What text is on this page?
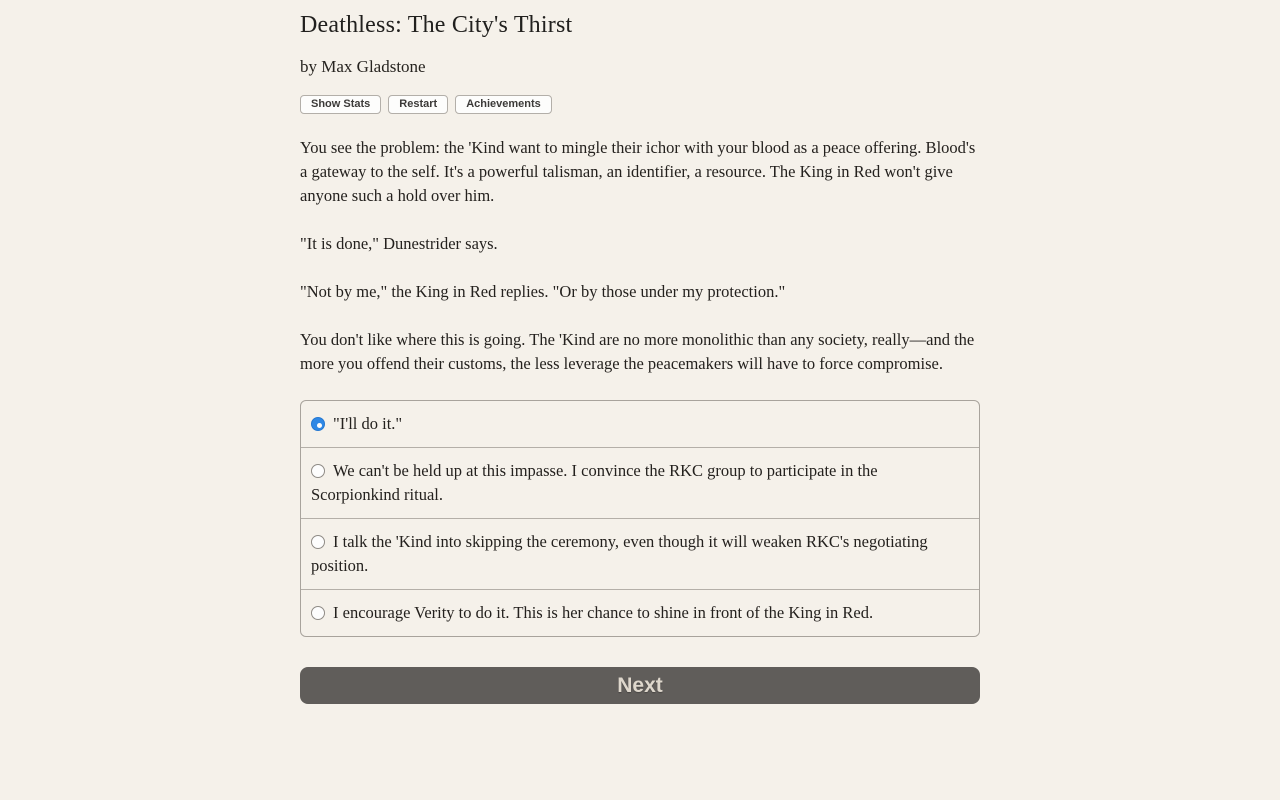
Deathless: The City's Thirst

by Max Gladstone

Show Stats	Restart	Achievements

You see the problem: the 'Kind want to mingle their ichor with your blood as a peace offering. Blood's a gateway to the self. It's a powerful talisman, an identifier, a resource. The King in Red won't give anyone such a hold over him.

"It is done," Dunestrider says.

"Not by me," the King in Red replies. "Or by those under my protection."

You don't like where this is going. The 'Kind are no more monolithic than any society, really—and the more you offend their customs, the less leverage the peacemakers will have to force compromise.

"I'll do it."
We can't be held up at this impasse. I convince the RKC group to participate in the Scorpionkind ritual.
I talk the 'Kind into skipping the ceremony, even though it will weaken RKC's negotiating position.
I encourage Verity to do it. This is her chance to shine in front of the King in Red.
Next
